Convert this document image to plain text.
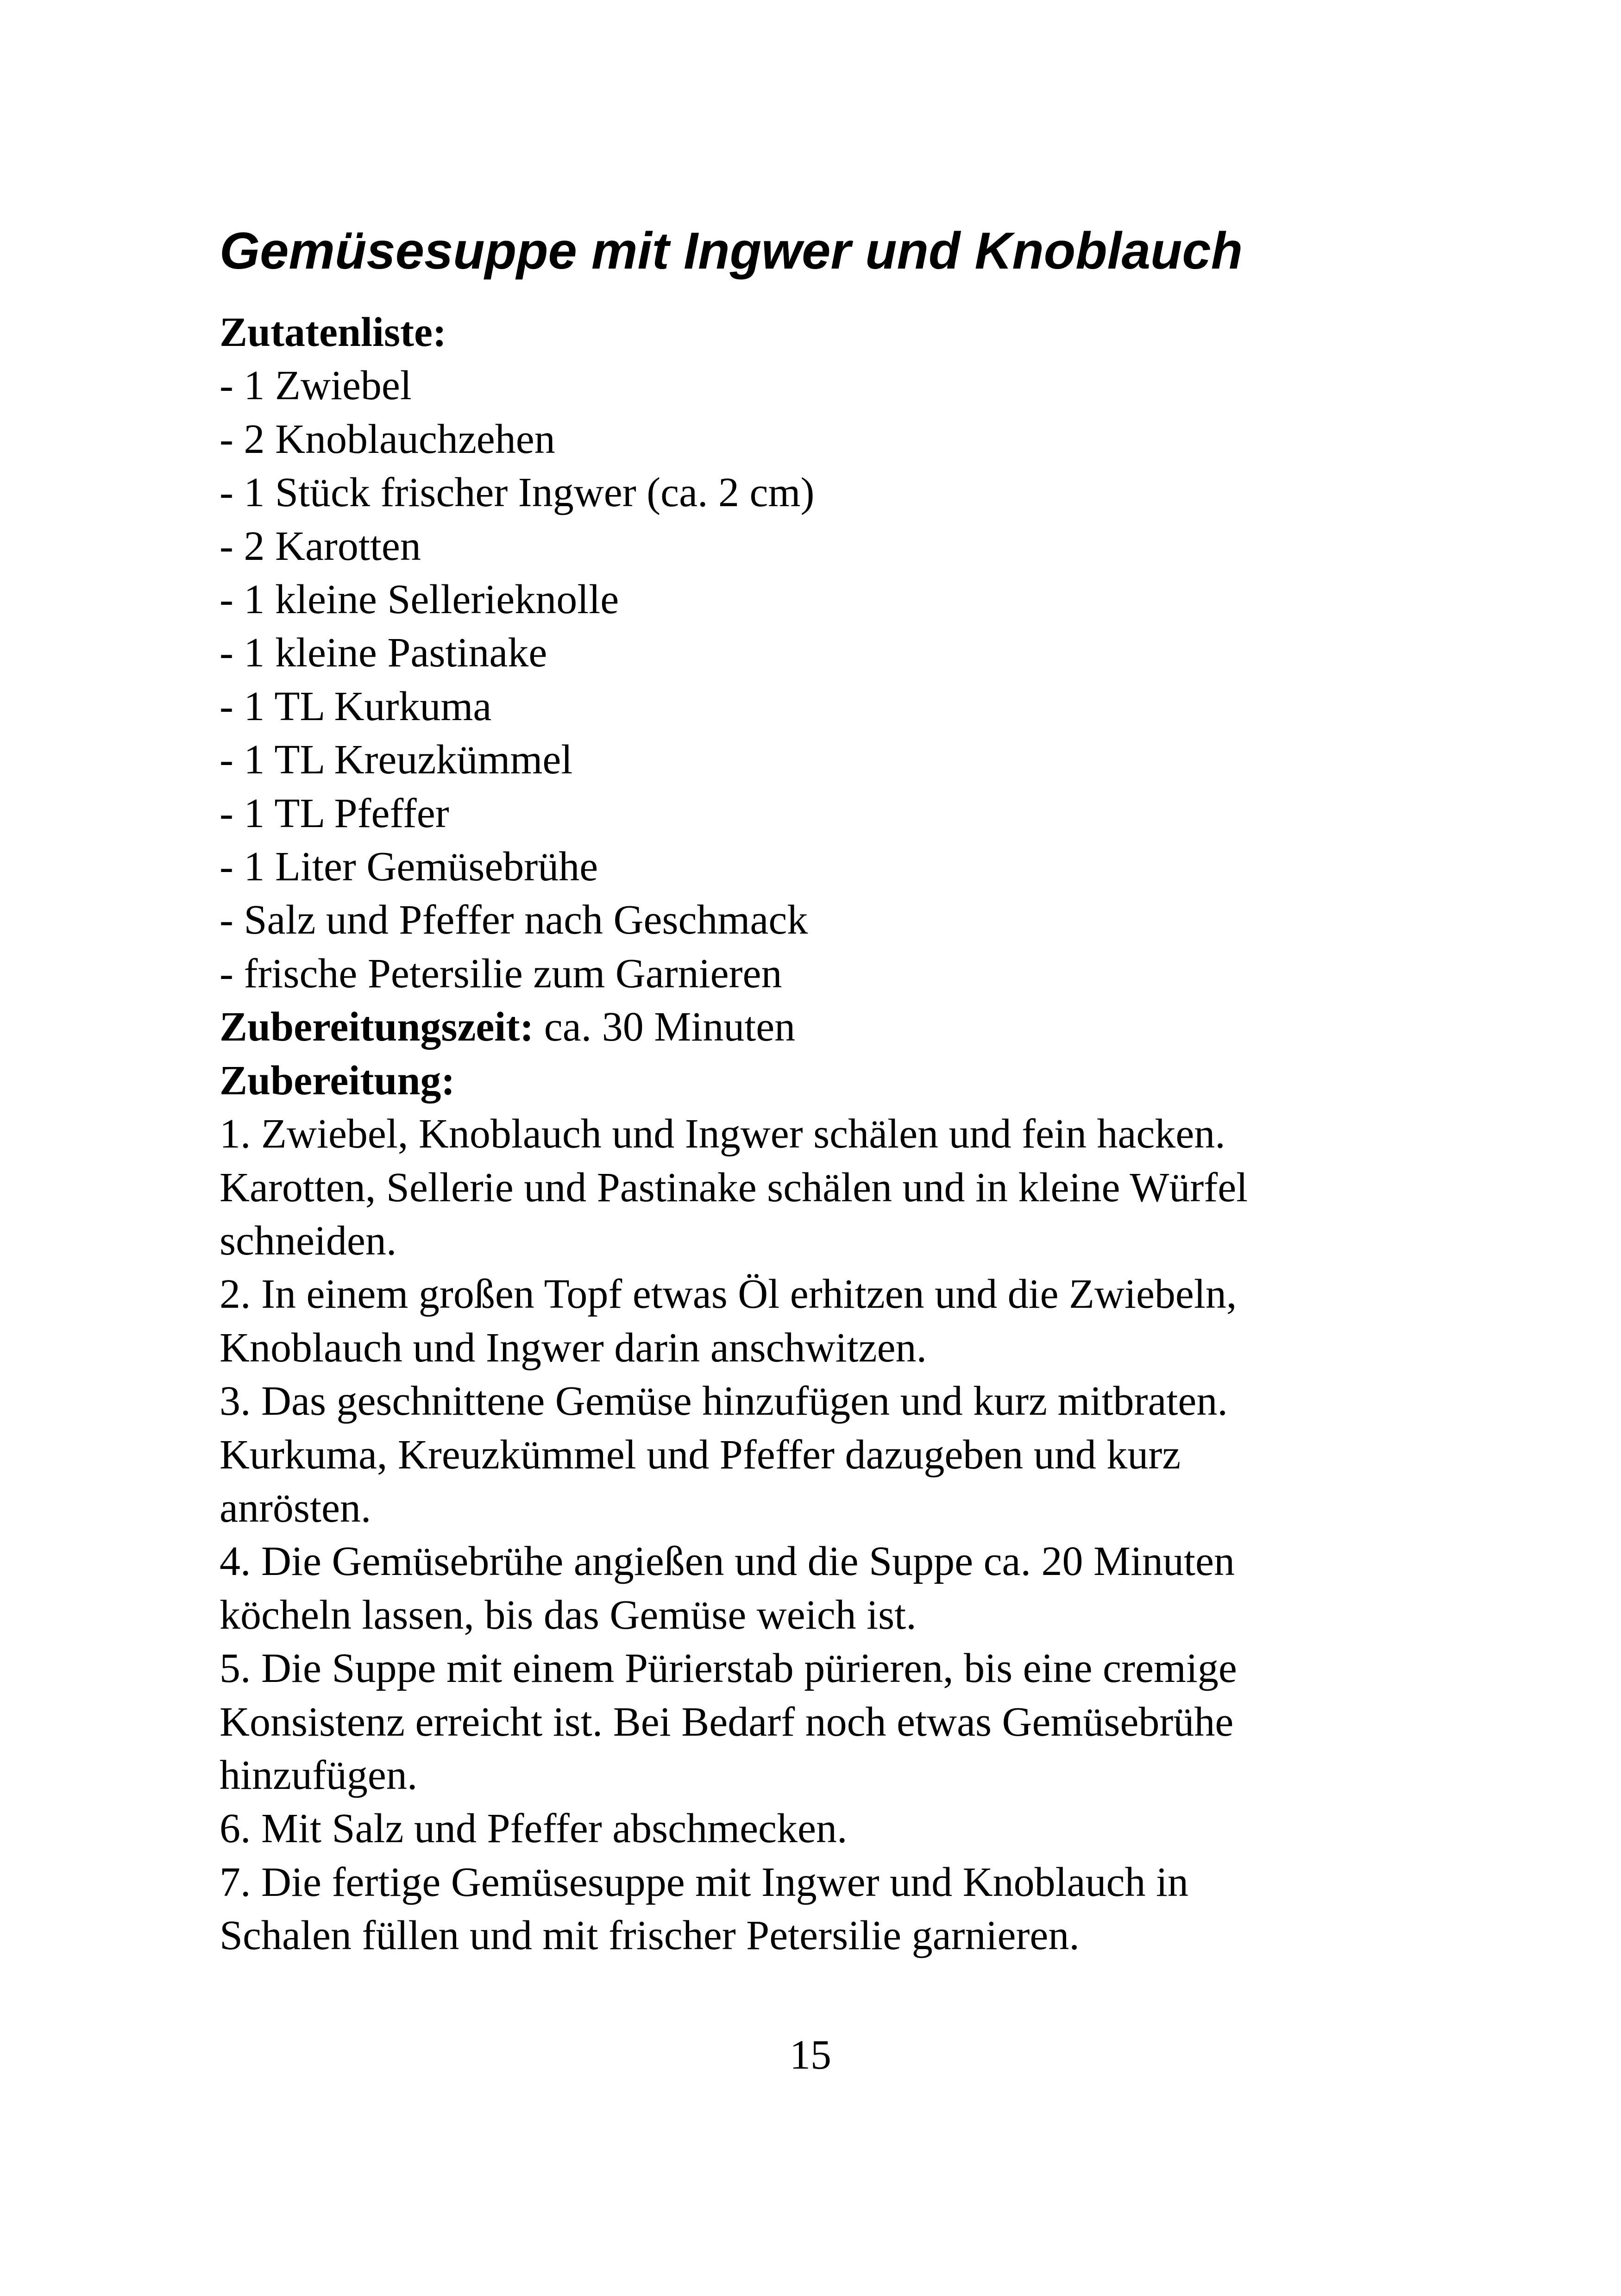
Gemüsesuppe mit Ingwer und Knoblauch
Zutatenliste:
- 1 Zwiebel
- 2 Knoblauchzehen
- 1 Stück frischer Ingwer (ca. 2 cm)
- 2 Karotten
- 1 kleine Sellerieknolle
- 1 kleine Pastinake
- 1 TL Kurkuma
- 1 TL Kreuzkümmel
- 1 TL Pfeffer
- 1 Liter Gemüsebrühe
- Salz und Pfeffer nach Geschmack
- frische Petersilie zum Garnieren
Zubereitungszeit: ca. 30 Minuten
Zubereitung:
1. Zwiebel, Knoblauch und Ingwer schälen und fein hacken.
Karotten, Sellerie und Pastinake schälen und in kleine Würfel
schneiden.
2. In einem großen Topf etwas Öl erhitzen und die Zwiebeln,
Knoblauch und Ingwer darin anschwitzen.
3. Das geschnittene Gemüse hinzufügen und kurz mitbraten.
Kurkuma, Kreuzkümmel und Pfeffer dazugeben und kurz
anrösten.
4. Die Gemüsebrühe angießen und die Suppe ca. 20 Minuten
köcheln lassen, bis das Gemüse weich ist.
5. Die Suppe mit einem Pürierstab pürieren, bis eine cremige
Konsistenz erreicht ist. Bei Bedarf noch etwas Gemüsebrühe
hinzufügen.
6. Mit Salz und Pfeffer abschmecken.
7. Die fertige Gemüsesuppe mit Ingwer und Knoblauch in
Schalen füllen und mit frischer Petersilie garnieren.
15
